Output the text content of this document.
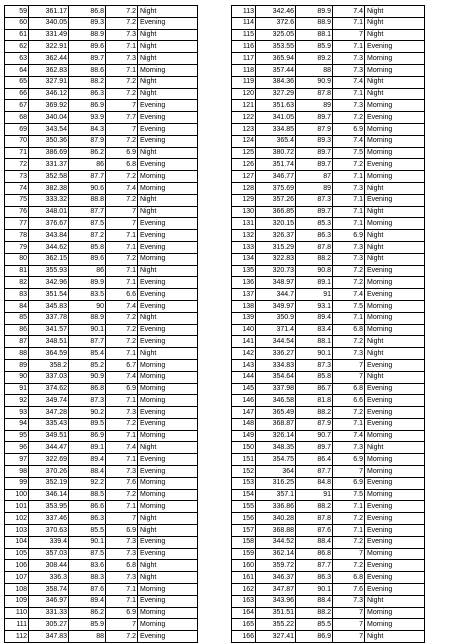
59	361.17	86.8	7.2	Night
60	340.05	89.3	7.2	Evening
61	331.49	88.9	7.3	Night
62	322.91	89.6	7.1	Night
63	362.44	89.7	7.3	Night
64	362.83	88.6	7.1	Morning
65	327.91	88.2	7.2	Night
66	346.12	86.3	7.2	Night
67	369.92	86.9	7	Evening
68	340.04	93.9	7.7	Evening
69	343.54	84.3	7	Evening
70	350.36	87.9	7.2	Evening
71	386.69	86.2	6.9	Night
72	331.37	86	6.8	Evening
73	352.58	87.7	7.2	Morning
74	382.38	90.6	7.4	Morning
75	333.32	88.8	7.2	Night
76	348.01	87.7	7	Night
77	376.67	87.5	7	Evening
78	343.84	87.2	7.1	Evening
79	344.62	85.8	7.1	Evening
80	362.15	89.6	7.2	Morning
81	355.93	86	7.1	Night
82	342.96	89.9	7.1	Evening
83	351.54	83.5	6.6	Evening
84	345.83	90	7.4	Evening
85	337.78	88.9	7.2	Night
86	341.57	90.1	7.2	Evening
87	348.51	87.7	7.2	Evening
88	364.59	85.4	7.1	Night
89	358.2	85.2	6.7	Morning
90	337.03	90.9	7.4	Morning
91	374.62	86.8	6.9	Morning
92	349.74	87.3	7.1	Morning
93	347.28	90.2	7.3	Evening
94	335.43	89.5	7.2	Evening
95	349.51	86.9	7.1	Morning
96	344.47	89.1	7.4	Night
97	322.69	89.4	7.1	Evening
98	370.26	88.4	7.3	Evening
99	352.19	92.2	7.6	Morning
100	346.14	88.5	7.2	Morning
101	353.95	86.6	7.1	Morning
102	337.46	86.3	7	Night
103	370.63	85.5	6.9	Night
104	339.4	90.1	7.3	Evening
105	357.03	87.5	7.3	Evening
106	308.44	83.6	6.8	Night
107	336.3	88.3	7.3	Night
108	358.74	87.6	7.1	Morning
109	346.97	89.4	7.1	Evening
110	331.33	86.2	6.9	Morning
111	305.27	85.9	7	Morning
112	347.83	88	7.2	Evening
113	342.46	89.9	7.4	Night
114	372.6	88.9	7.1	Night
115	325.05	88.1	7	Night
116	353.55	85.9	7.1	Evening
117	365.94	89.2	7.3	Morning
118	357.44	88	7.3	Morning
119	384.36	90.9	7.4	Night
120	327.29	87.8	7.1	Night
121	351.63	89	7.3	Morning
122	341.05	89.7	7.2	Evening
123	334.85	87.9	6.9	Morning
124	365.4	89.3	7.4	Morning
125	380.72	89.7	7.5	Morning
126	351.74	89.7	7.2	Evening
127	346.77	87	7.1	Morning
128	375.69	89	7.3	Night
129	357.26	87.3	7.1	Evening
130	366.85	89.7	7.1	Night
131	320.15	85.3	7.1	Morning
132	326.37	86.3	6.9	Night
133	315.29	87.8	7.3	Night
134	322.83	88.2	7.3	Night
135	320.73	90.8	7.2	Evening
136	348.97	89.1	7.2	Morning
137	344.7	91	7.4	Evening
138	349.97	93.1	7.5	Morning
139	350.9	89.4	7.1	Morning
140	371.4	83.4	6.8	Morning
141	344.54	88.1	7.2	Night
142	336.27	90.1	7.3	Night
143	334.83	87.3	7	Evening
144	354.64	85.8	7	Night
145	337.98	86.7	6.8	Evening
146	346.58	81.8	6.6	Evening
147	365.49	88.2	7.2	Evening
148	368.87	87.9	7.1	Evening
149	326.14	90.7	7.4	Morning
150	348.35	89.7	7.3	Night
151	354.75	86.4	6.9	Morning
152	364	87.7	7	Morning
153	316.25	84.8	6.9	Evening
154	357.1	91	7.5	Morning
155	336.86	88.2	7.1	Evening
156	340.28	87.8	7.2	Evening
157	368.88	87.6	7.1	Evening
158	344.52	88.4	7.2	Evening
159	362.14	86.8	7	Morning
160	359.72	87.7	7.2	Evening
161	346.37	86.3	6.8	Evening
162	347.87	90.1	7.6	Evening
163	343.96	88.4	7.3	Night
164	351.51	88.2	7	Morning
165	355.22	85.5	7	Morning
166	327.41	86.9	7	Night
